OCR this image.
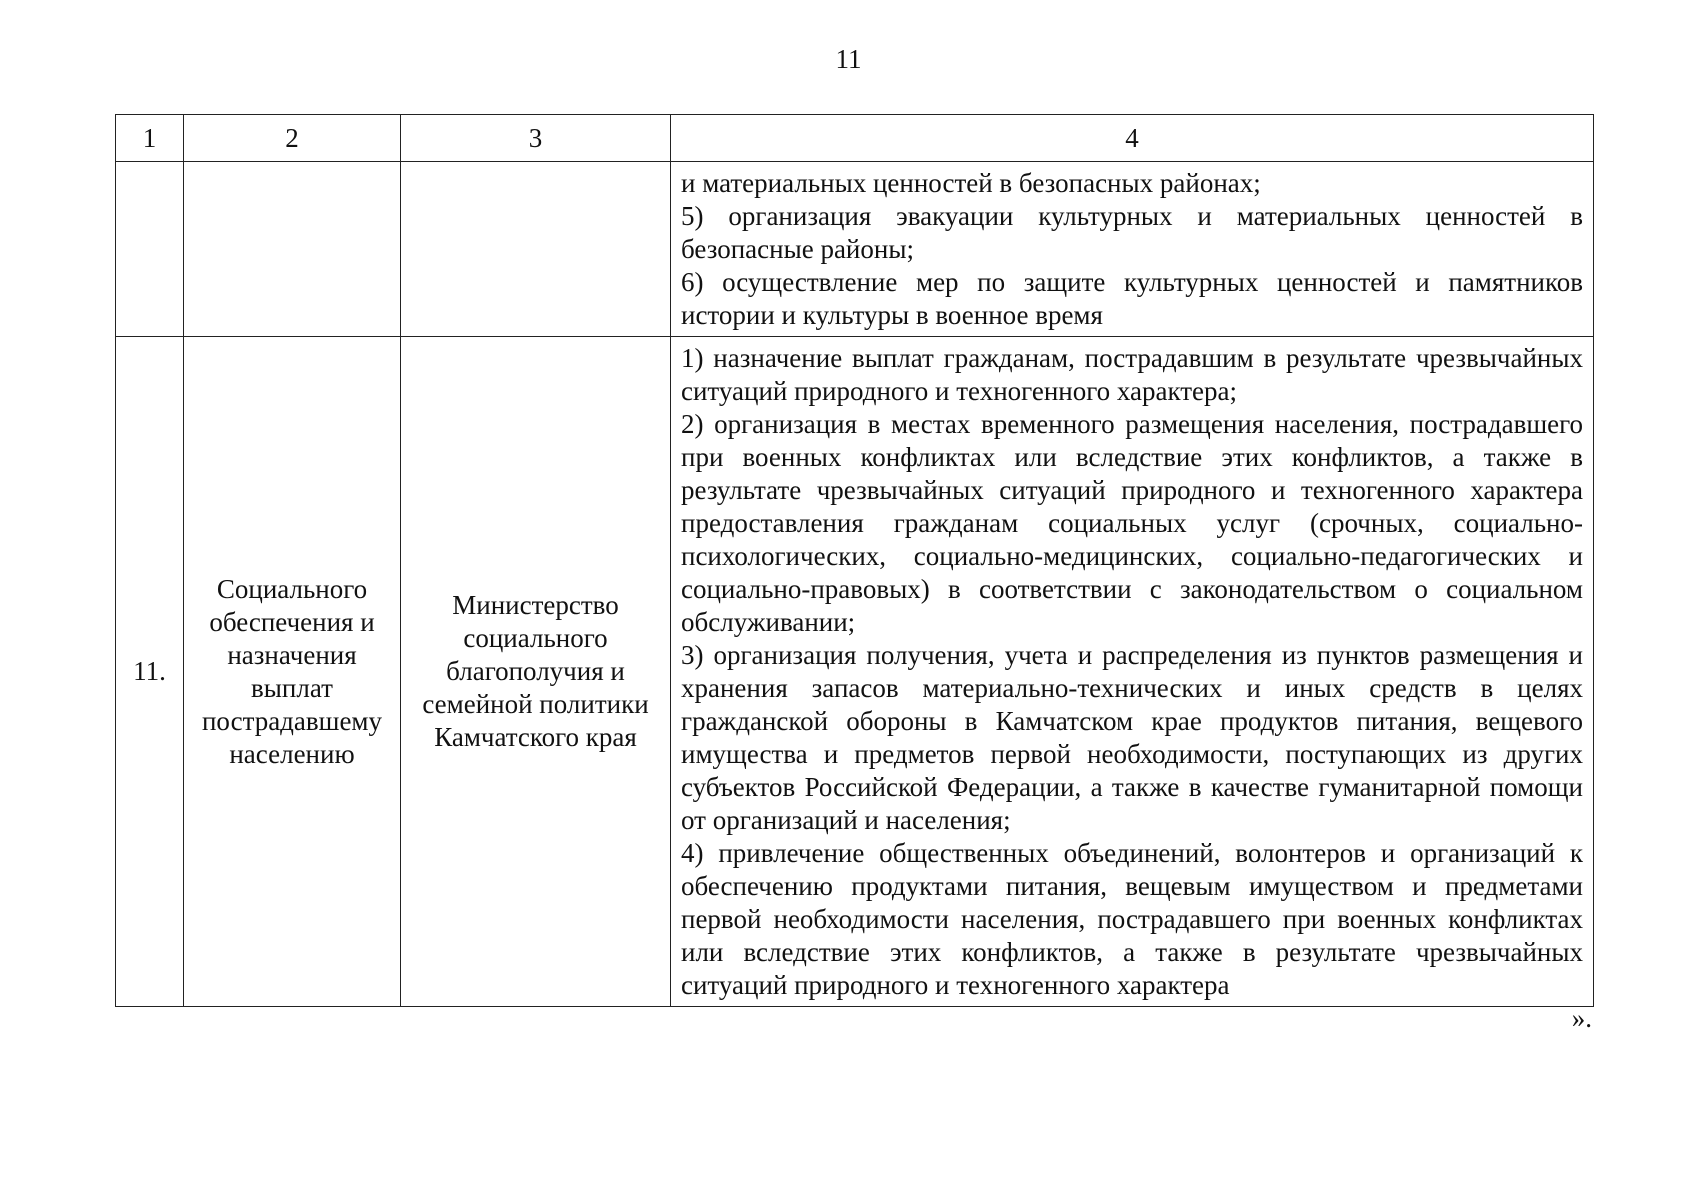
11
1	2	3	4

			и материальных ценностей в безопасных районах;

5) организация эвакуации культурных и материальных ценностей в безопасные районы;

6) осуществление мер по защите культурных ценностей и памятников истории и культуры в военное время

11.	Социального обеспечения и назначения выплат пострадавшему населению	Министерство социального благополучия и семейной политики Камчатского края	1) назначение выплат гражданам, пострадавшим в результате чрезвычайных ситуаций природного и техногенного характера;

2) организация в местах временного размещения населения, пострадавшего при военных конфликтах или вследствие этих конфликтов, а также в результате чрезвычайных ситуаций природного и техногенного характера предоставления гражданам социальных услуг (срочных, социально-психологических, социально-медицинских, социально-педагогических и социально-правовых) в соответствии с законодательством о социальном обслуживании;

3) организация получения, учета и распределения из пунктов размещения и хранения запасов материально-технических и иных средств в целях гражданской обороны в Камчатском крае продуктов питания, вещевого имущества и предметов первой необходимости, поступающих из других субъектов Российской Федерации, а также в качестве гуманитарной помощи от организаций и населения;

4) привлечение общественных объединений, волонтеров и организаций к обеспечению продуктами питания, вещевым имуществом и предметами первой необходимости населения, пострадавшего при военных конфликтах или вследствие этих конфликтов, а также в результате чрезвычайных ситуаций природного и техногенного характера

».
